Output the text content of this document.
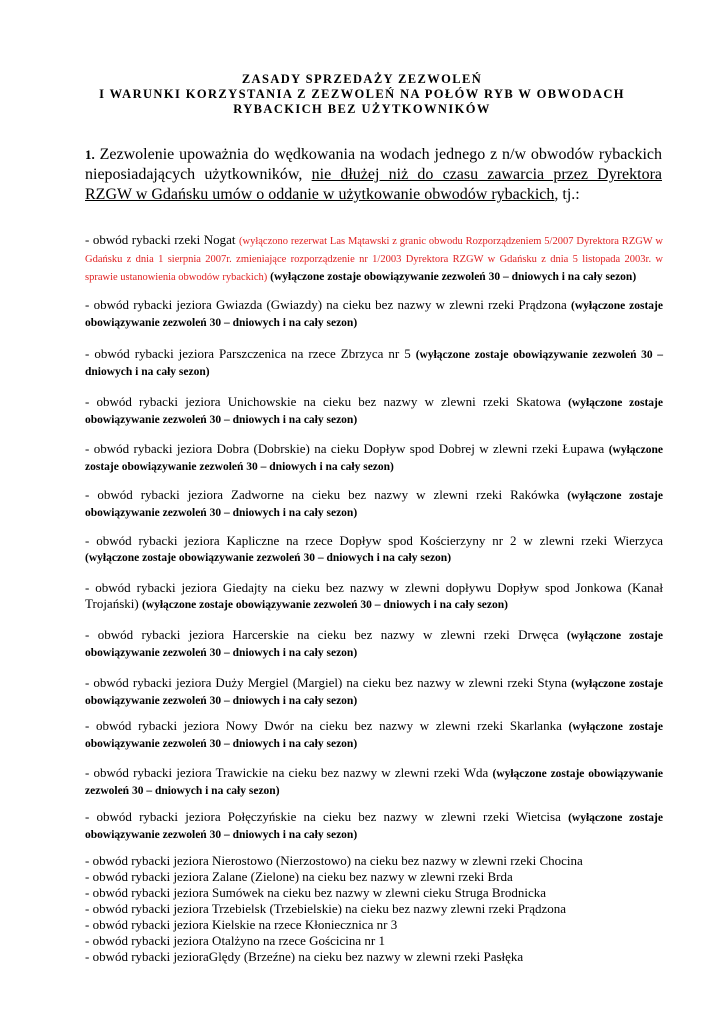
ZASADY SPRZEDAŻY ZEZWOLEŃ
I WARUNKI KORZYSTANIA Z ZEZWOLEŃ NA POŁÓW RYB W OBWODACH
RYBACKICH BEZ UŻYTKOWNIKÓW
1. Zezwolenie upoważnia do wędkowania na wodach jednego z n/w obwodów rybackich nieposiadających użytkowników, nie dłużej niż do czasu zawarcia przez Dyrektora RZGW w Gdańsku umów o oddanie w użytkowanie obwodów rybackich, tj.:
- obwód rybacki rzeki Nogat (wyłączono rezerwat Las Mątawski z granic obwodu Rozporządzeniem 5/2007 Dyrektora RZGW w Gdańsku z dnia 1 sierpnia 2007r. zmieniające rozporządzenie nr 1/2003 Dyrektora RZGW w Gdańsku z dnia 5 listopada 2003r. w sprawie ustanowienia obwodów rybackich) (wyłączone zostaje obowiązywanie zezwoleń 30 – dniowych i na cały sezon)
- obwód rybacki jeziora Gwiazda (Gwiazdy) na cieku bez nazwy w zlewni rzeki Prądzona (wyłączone zostaje obowiązywanie zezwoleń 30 – dniowych i na cały sezon)
- obwód rybacki jeziora Parszczenica na rzece Zbrzyca nr 5 (wyłączone zostaje obowiązywanie zezwoleń 30 – dniowych i na cały sezon)
- obwód rybacki jeziora Unichowskie na cieku bez nazwy w zlewni rzeki Skatowa (wyłączone zostaje obowiązywanie zezwoleń 30 – dniowych i na cały sezon)
- obwód rybacki jeziora Dobra (Dobrskie) na cieku Dopływ spod Dobrej w zlewni rzeki Łupawa (wyłączone zostaje obowiązywanie zezwoleń 30 – dniowych i na cały sezon)
- obwód rybacki jeziora Zadworne na cieku bez nazwy w zlewni rzeki Rakówka (wyłączone zostaje obowiązywanie zezwoleń 30 – dniowych i na cały sezon)
- obwód rybacki jeziora Kapliczne na rzece Dopływ spod Kościerzyny nr 2 w zlewni rzeki Wierzyca (wyłączone zostaje obowiązywanie zezwoleń 30 – dniowych i na cały sezon)
- obwód rybacki jeziora Giedajty na cieku bez nazwy w zlewni dopływu Dopływ spod Jonkowa (Kanał Trojański) (wyłączone zostaje obowiązywanie zezwoleń 30 – dniowych i na cały sezon)
- obwód rybacki jeziora Harcerskie na cieku bez nazwy w zlewni rzeki Drwęca (wyłączone zostaje obowiązywanie zezwoleń 30 – dniowych i na cały sezon)
- obwód rybacki jeziora Duży Mergiel (Margiel) na cieku bez nazwy w zlewni rzeki Styna (wyłączone zostaje obowiązywanie zezwoleń 30 – dniowych i na cały sezon)
- obwód rybacki jeziora Nowy Dwór na cieku bez nazwy w zlewni rzeki Skarlanka (wyłączone zostaje obowiązywanie zezwoleń 30 – dniowych i na cały sezon)
- obwód rybacki jeziora Trawickie na cieku bez nazwy w zlewni rzeki Wda (wyłączone zostaje obowiązywanie zezwoleń 30 – dniowych i na cały sezon)
- obwód rybacki jeziora Połęczyńskie na cieku bez nazwy w zlewni rzeki Wietcisa (wyłączone zostaje obowiązywanie zezwoleń 30 – dniowych i na cały sezon)
- obwód rybacki jeziora Nierostowo (Nierzostowo) na cieku bez nazwy w zlewni rzeki Chocina
- obwód rybacki jeziora Zalane (Zielone) na cieku bez nazwy w zlewni rzeki Brda
- obwód rybacki jeziora Sumówek na cieku bez nazwy w zlewni cieku Struga Brodnicka
- obwód rybacki jeziora Trzebielsk (Trzebielskie) na cieku bez nazwy zlewni rzeki Prądzona
- obwód rybacki jeziora Kielskie na rzece Kłoniecznica nr 3
- obwód rybacki jeziora Otalżyno na rzece Gościcina nr 1
- obwód rybacki jezioraGlędy (Brzeźne) na cieku bez nazwy w zlewni rzeki Pasłęka
